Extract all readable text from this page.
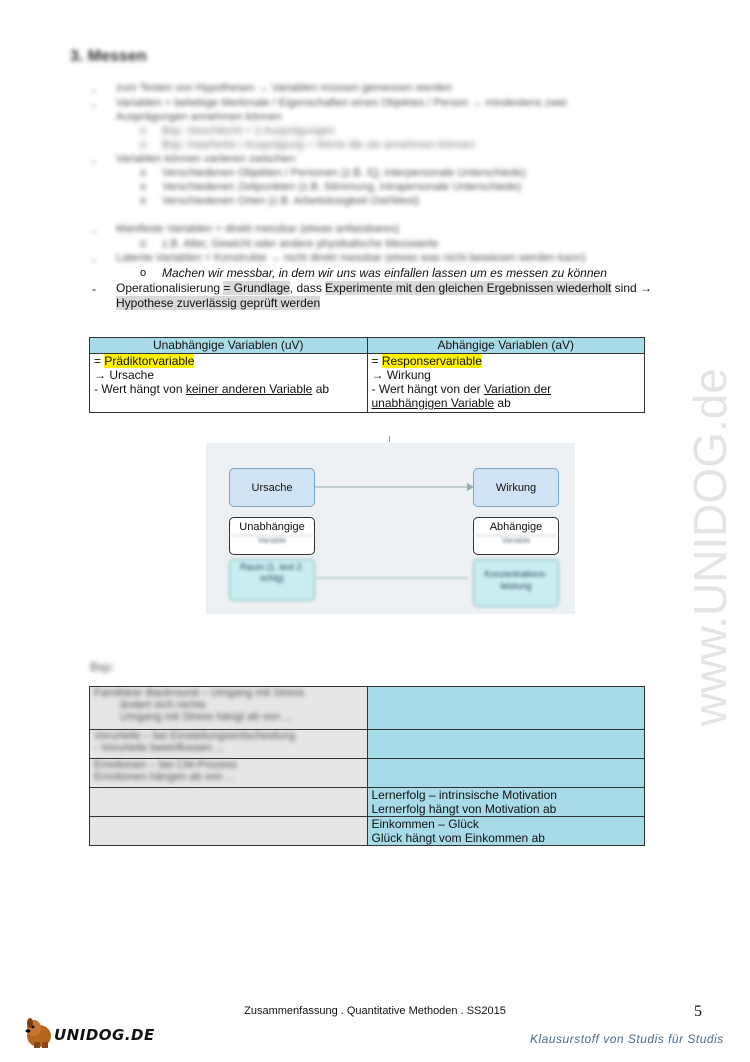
www.UNIDOG.de
3. Messen
- zum Testen von Hypothesen → Variablen müssen gemessen werden
- Variablen = beliebige Merkmale / Eigenschaften eines Objektes / Person → mindestens zwei
Ausprägungen annehmen können
o Bsp: Geschlecht = 2 Ausprägungen
o Bsp: Haarfarbe / Ausprägung = Werte die sie annehmen können
- Variablen können variieren zwischen:
o Verschiedenen Objekten / Personen (z.B. IQ, interpersonale Unterschiede)
o Verschiedenen Zeitpunkten (z.B. Stimmung, intrapersonale Unterschiede)
o Verschiedenen Orten (z.B. Arbeitslosigkeit Ost/West)
- Manifeste Variablen = direkt messbar (etwas anfassbares)
o z.B. Alter, Gewicht oder andere physikalische Messwerte
- Latente Variablen = Konstrukte → nicht direkt messbar (etwas was nicht bewiesen werden kann)
o Machen wir messbar, in dem wir uns was einfallen lassen um es messen zu können
- Operationalisierung = Grundlage, dass Experimente mit den gleichen Ergebnissen wiederholt sind →
Hypothese zuverlässig geprüft werden
Unabhängige Variablen (uV)	Abhängige Variablen (aV)
= Prädiktorvariable
→ Ursache
- Wert hängt von keiner anderen Variable ab	= Responservariable
→ Wirkung
- Wert hängt von der Variation der
unabhängigen Variable ab
Ursache	Wirkung
Unabhängige
Variable
Abhängige
Variable
Raum (1. test 2. schlg)	Konzentrations-leistung
Bsp:
Familiärer Backround – Umgang mit Stress
ändert sich nichts
Umgang mit Stress hängt ab von ...	

Vorurteile – bei Einstellungsentscheidung
- Vorurteile beeinflussen ...	

Emotionen – bei CM-Prozess
Emotionen hängen ab von ...	

	Lernerfolg – intrinsische Motivation
Lernerfolg hängt von Motivation ab

	Einkommen – Glück
Glück hängt vom Einkommen ab
Zusammenfassung . Quantitative Methoden . SS2015	5
UNIDOG.DE	Klausurstoff von Studis für Studis
